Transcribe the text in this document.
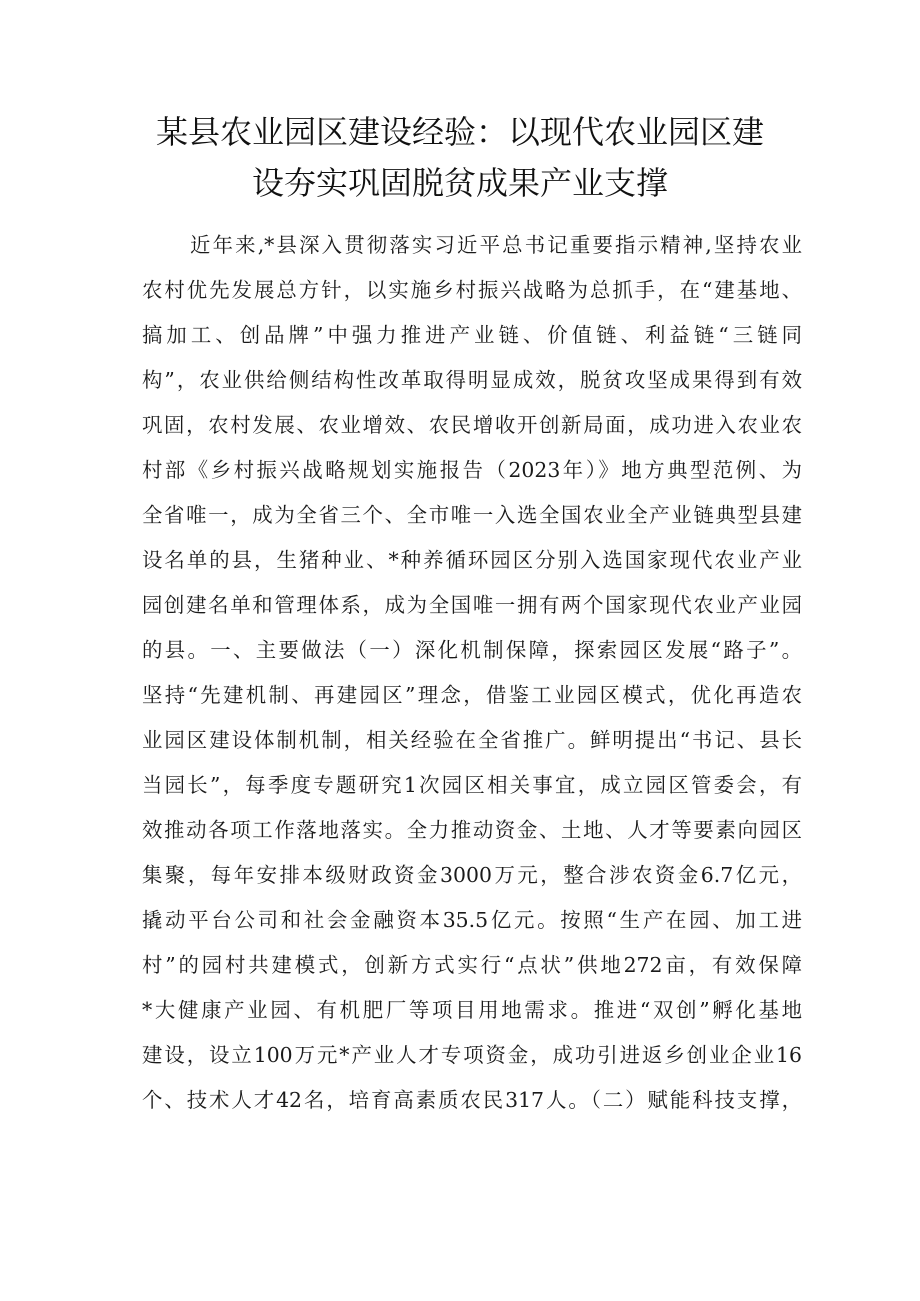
某县农业园区建设经验：以现代农业园区建
设夯实巩固脱贫成果产业支撑
近年来,*县深入贯彻落实习近平总书记重要指示精神,坚持农业
农村优先发展总方针，以实施乡村振兴战略为总抓手，在“建基地、
搞加工、创品牌”中强力推进产业链、价值链、利益链“三链同
构”，农业供给侧结构性改革取得明显成效，脱贫攻坚成果得到有效
巩固，农村发展、农业增效、农民增收开创新局面，成功进入农业农
村部《乡村振兴战略规划实施报告（2023年）》地方典型范例、为
全省唯一，成为全省三个、全市唯一入选全国农业全产业链典型县建
设名单的县，生猪种业、*种养循环园区分别入选国家现代农业产业
园创建名单和管理体系，成为全国唯一拥有两个国家现代农业产业园
的县。一、主要做法（一）深化机制保障，探索园区发展“路子”。
坚持“先建机制、再建园区”理念，借鉴工业园区模式，优化再造农
业园区建设体制机制，相关经验在全省推广。鲜明提出“书记、县长
当园长”，每季度专题研究1次园区相关事宜，成立园区管委会，有
效推动各项工作落地落实。全力推动资金、土地、人才等要素向园区
集聚，每年安排本级财政资金3000万元，整合涉农资金6.7亿元，
撬动平台公司和社会金融资本35.5亿元。按照“生产在园、加工进
村”的园村共建模式，创新方式实行“点状”供地272亩，有效保障
*大健康产业园、有机肥厂等项目用地需求。推进“双创”孵化基地
建设，设立100万元*产业人才专项资金，成功引进返乡创业企业16
个、技术人才42名，培育高素质农民317人。（二）赋能科技支撑，
